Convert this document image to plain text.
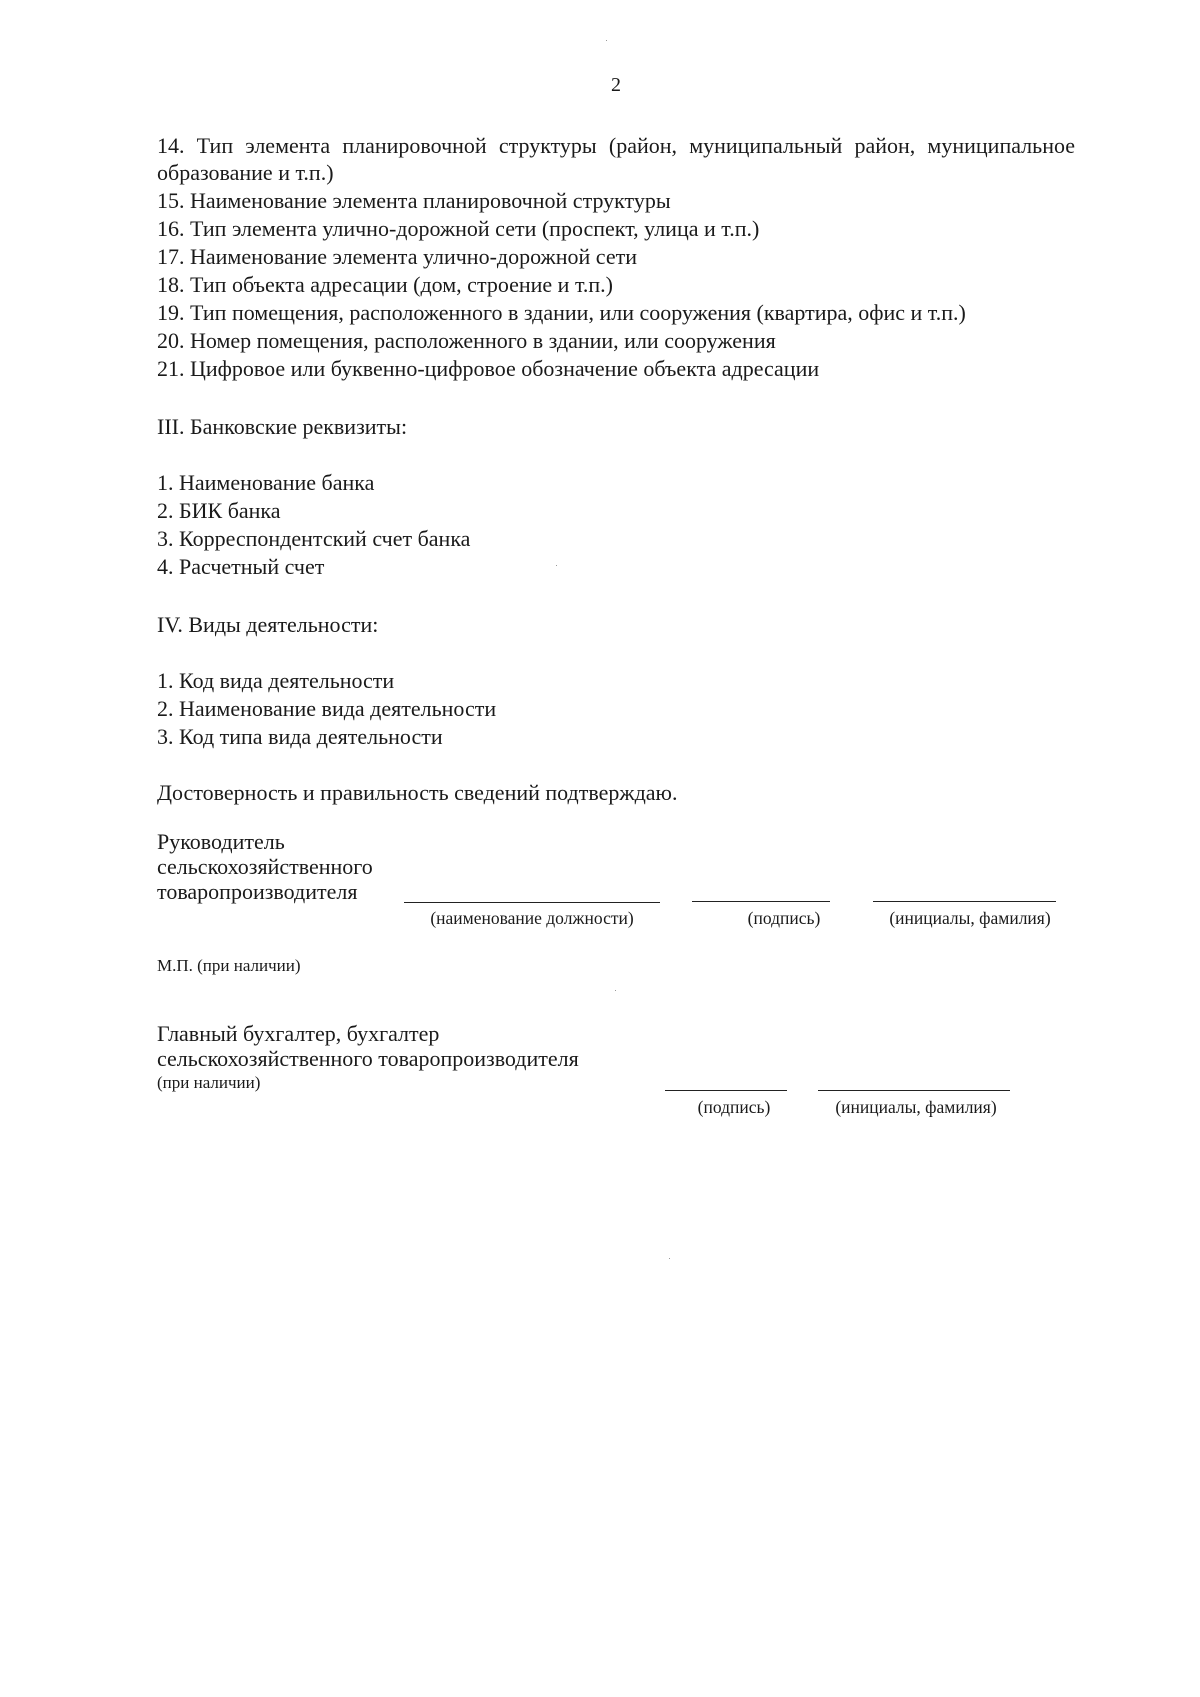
2
14. Тип элемента планировочной структуры (район, муниципальный район, муниципальное образование и т.п.)
15. Наименование элемента планировочной структуры
16. Тип элемента улично-дорожной сети (проспект, улица и т.п.)
17. Наименование элемента улично-дорожной сети
18. Тип объекта адресации (дом, строение и т.п.)
19. Тип помещения, расположенного в здании, или сооружения (квартира, офис и т.п.)
20. Номер помещения, расположенного в здании, или сооружения
21. Цифровое или буквенно-цифровое обозначение объекта адресации
III. Банковские реквизиты:
1. Наименование банка
2. БИК банка
3. Корреспондентский счет банка
4. Расчетный счет
IV. Виды деятельности:
1. Код вида деятельности
2. Наименование вида деятельности
3. Код типа вида деятельности
Достоверность и правильность сведений подтверждаю.
Руководитель
сельскохозяйственного
товаропроизводителя
(наименование должности)	(подпись)	(инициалы, фамилия)
М.П. (при наличии)
Главный бухгалтер, бухгалтер
сельскохозяйственного товаропроизводителя
(при наличии)
(подпись)	(инициалы, фамилия)
